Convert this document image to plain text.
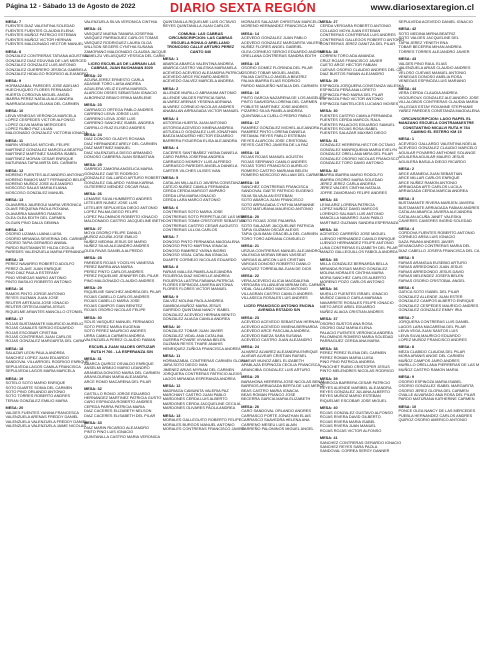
Página 12 - Sábado 13 de Agosto de 2022	DIARIO SEXTA REGIÓN	www.diariosextaregion.cl
MESA: 7
FUENTES DIAZ VALENTINA SOLEDAD
FUENTES FUENTES CLAUDIA ELENA
FUENTES MUÑOZ PATRICIO ESTEBAN
FUENTES MUÑOZ VICTOR HERNAN
FUENTES MALDONADO HECTOR MANUEL
MESA: 8
GONZALEZ CONTRERAS TATIANA AGUSTINA
GONZALEZ DIAZ EDUVINA DE LAS MERCED
GONZALEZ GONZALEZ LUIS ANTONIO
GONZALEZ GUERRERO JESSICA GABRIELA
GONZALEZ HIDALGO RODRIGO ALEJANDRO
MESA: 9
HORMAZABAL PAREDES JOSE ADELMO
HUECHUQUEO FLORES FERNANDO
HUERTA CORDOVA MIGUEL ANGEL
IBARRA PEREZ NATALIA ALEJANDRA
INARRAGA MARIA ELIANA DEL CARMEN
MESA: 10
LEIVA VENEGAS VERONICA MARCELA
LOPEZ CESPEDES VICTOR ALFONSO
LOPEZ OLIVA MARIA MERCEDES
LOPEZ RUBIO PAZ LILIAN
MALDONADO GONZALEZ VICTORIA IGNACIA
MESA: 11
MARIN VENEGAS MITCHEL FELIPE
MARTINEZ GONZALEZ MARCELA BEATRIZ
MARTINEZ MARTINEZ SANDRA ISABEL
MARTINEZ MORAN CESAR ENRIQUE
MATURANA TAPIA MIRTA DEL CARMEN
MESA: 12
MORENO FUENTES ALEJANDRO ANTONIO
MORENO RAMOS MATT FERNANDO BELEN
MORENO MUÑOZ JOSE ALEJANDRO
MOSCOSO SALAS MARIA ELIANA
MOSCOSO GONZALEZ MANUEL
MESA: 13
OLAVARRIA JAUREGUI MARIA VERONICA
OLAVE REQUENA PAOLA ROXANA
OLAVARRIA NAVARRO RAMON
OLEA OLEA EDITH DEL CARMEN
OLGUIN PINO DALIA GEMINA
MESA: 14
OSORIO LIZAMA LUANA LUISA
OSORIO MIRANDA SEVERINA DEL CARMEN
OSORIO TAPIA GERARDO ANIBAL
PARDO BUSTAMANTE HILDA CECILIA
PAREDES VALENZUELA MARIA FERNANDA
MESA: 15
PEREZ NAVARRO ROBERTO ADOLFO
PEREZ OLAVE JUAN ENRIQUE
PINO DIAZ PAULA ESTEFANY
PINO VENEGAS MARIO ANTONIO
PINTO BASILIO ROBERTO ANTONIO
MESA: 16
RAMOS PINTO JORGE ANTONIO
REYES GUZMAN JUAN JOSE
REUTER ARTEAGA JOSE IGNACIO
REUTER ORTEGA MARIA JESUS
RIQUELME ARANTES MANCILLO OTONIEL
MESA: 17
ROJAS BUSTAMANTE MAURICIO AURELIO
ROJAS CANALES SERGIO EDUARDO
ROJAS ESCOBAR CRISTINA
ROJAS CONTRERAS JUAN CARLOS
ROJAS GONZALEZ MARGARITA DEL CARM
MESA: 18
SALAZAR LEON PAULA ANDREA
SANCHEZ LOPEZ JUAN EDUARDO
SANDOVAL VILLARROEL RODRIGO ENRIQUE
SEPULVEDA LAGOS CAMILA FRANCISCA
SEPULVEDA LAGOS MARIA MARCELA
MESA: 19
SOTELO SOTO MARIO ENRIQUE
SOTO DUARTE SONIA DEL CARMEN
SOTO PINO ORLANDO ANTONIO
SOTO TORRES ROBERTO ANDRES
TERAN GONZALEZ EMILIO MARIA
MESA: 20
VALDES FUENTES YANINA FRANCESCA
VALENZUELA ARENAS FREDDY DANIEL
VALENZUELA VALENZUELA FREDDY DANIEL
VALENZUELA VALENZUELA JAIME NICOLAS
VALENZUELA SILVA VERONICA CINTHIA
MESA: 21
VASQUEZ MUENA TAMARA JOSEFINA
VASQUEZ PARRAGUEZ CARLOS TOMAS
VASQUEZ RODRIGUEZ LAURA OLGA
WILLSON SEGERS CYNTHIA SUSANA
ZAMORANO MALDONADO CLAUDIA JACQUE
ZUMELZU VELASQUEZ YESSICA DEL CARM
LICEO ESCUELAS DE LARRAIN LAS CABRAS, JUAN BUCHANAN 3020
MESA: 22
ACUÑA JEREZ ERNESTO CARLA
ADASME TORO LAISA ANDREA
AGUILERA VELIZ ELVIRA MARISOL
ALARCON OSSES SEBASTIAN IGNACIO
ALBORNOZ BRAVO ERIKA MARLENE
MESA: 23
CARRASCO ORTEGA PABLO ANDRES
CARRENO LEIVA JORGE LUIS
CARRENO LEIVA JOSE LUIS
CARRENO SANCHEZ ISABEL ANDREA
CARRILLO RUIZ ELISEO ANDRES
MESA: 24
DIAZ DONOSO GLADYS ROXANA
DIAZ HERNANDEZ ARELY DEL CARMEN
DIAZ MARTINEZ MANUEL
DIAZ VALENZUELA DIEGO ARMANDO
DONOSO CABRERA JUAN SEBASTIAN
MESA: 25
GARRIDO ZAMORA ANGELICA MARIA
GONZALEZ GAETE RODRIGO
GONZALEZ GALLARDO ARTURO ROBERTO
GONZALEZ GALARDO YASNA KARINA
GUTIERREZ MENDEZ OSCAR RAUL
MESA: 26
LEMARIE SILVA HUMBERTO ANDRES
LETELIER NUNEZ JOSE LUIS
LETELIER SEPULVEDA DIEGO ANTONIO
LOPEZ PALMA DIEGO FELIPE
LOPEZ PALOMINOS ROBERTO IGNACIO
MALDONADO CASTRO JACQUELINE IBETH
MESA: 27
MOYA OSORIO FELIPE DANILO
MUÑOZ ACUÑA JOSE EMILIO
NUÑEZ MEDINA JESUS DE MARIO
NUÑEZ SILVA ALEJANDRO ANDRES
OLEA RIVAS DANIELA ALFREDO
MESA: 28
PAREDES ROJAS YOCELYN VANESSA
PEREZ BARRA ANA MARIA
PEREZ PINTO CARLOS ANDRES
PEREZ RIQUELME JENNIFER DEL PILAR
PINO MALDONADO CLAUDIO ANDRES
MESA: 29
RIQUELME SANCHEZ ANDREA DEL PILAR
ROJAS CABELLO CARLOS ANDRES
ROJAS CABELLO MARIA JOSE
ROJAS CAMPOS GIAN BENITEZ
ROJAS OSORIO NICOLAS FELIPE
MESA: 30
SOLIS VASQUEZ MANUEL FERNANDO
SOTO PEREZ MARIA EUGENIA
SOTO PEREZ MAURICIO ANDRES
URRA CAMILA CARMEN ANDREA
VALENZUELA PEREZ CLAUDIO FABIAN
ESCUELA JUAN VALDES ORTUZAR RUTA H 766 - LA ESPERANZA S/N
MESA: 31
ABARCA QUIROZ OSVALDO ENRIQUE
ANSELMI ARMIJO MARIO LEANDRO
ARANEDA DONOSO MARIA DEL CARMEN
ARAYA DURAN MARIA ALEJANDRA
ARCE ROMO MACARENA DEL PILAR
MESA: 32
CASTILLO ROMO JORGE EDUARDO
HERNANDEZ MARTINEZ PATRICIA GUSTO
CARO ESPINOZA ROBERTO ANDRES
CEPEDA PARRA PATRICIA MARIA
DIAZ CACERES ELIZABETH NELSON
DIAZ CACERES ELISABETH DEL PILAR
MESA: 33
DIAZ MARIN RICARDO ALEJANDRO
PINTO PINO LUIS IGNACIO
QUINTANILLA CASTRO MARIA VERONICA
QUINTANILLA RIQUELME LUIS OCTAVIO
REYES QUINTANILLA JUAN CARLOS
COMUNA: LAS CABRAS CIRCUNSCRIPCION: LAS CABRAS ESCUELA RONULO ARELLANO TRONCOSO CALLE ARTURO PEREZ CANTO 840
MESA: 1
ABARCA ABARCA VALENTINA ANDREA
ABARCA CASTRO VALESKA MARIANELA
ACEVEDO ACEVEDO ALEJANDRA PATRICIA
ACEVEDO ARCE RICHARD ANDRES
ACEVEDO GALVEZ MARCELA ANDREA
MESA: 2
ALLENDE MURILLO ABRAHAM ANTONIO
ALLENDE VALDES PATRICIA SARA
ALVAREZ ARENAS YESENIA ADRIANA
ALVAREZ CORNEJO NICOLAS ANDRES
ANABALAN ARRIAGADA VICTOR MANUEL
MESA: 3
ASTORGA HUERTA JUAN ANTONIO
ASTORGA ACEVEDO XIMENA ANDREA
ASTUDILLO GONZALEZ LUIS JONATHAN
BAEZA MADUEÑO HECTOR EDUARDO
BARRERA FIGUEROA ELISA ALEJANDRA
MESA: 4
CACERES SANTIBAÑEZ YASNA DANIELA
CARO PARRA JOSEFINA ANDREA
CARRASCO MONROY LUIS ALFREDO
CARRASCO PAREDES ANGELA DANIELA
CARTER VILCHES ULISES IVAN
MESA: 5
CATALAN MILLALELO JAVIERA CONSTANZA
CATEJO NUÑEZ CAMILA FERNANDA
CERDA CERDA MARGOT AMPARO
CERDA LIRA MARIA IGNACIO
CERDA LARA MARCO ANTONIO
MESA: 6
CONTRERAS SOTO MARIA JOSE
CONTRERAS SOTO PERPETUA DE LAS MER
CONTRERAS TOMM CRISTOFER SEBASTIAN
CONTRERAS CASTRO CESAR AUGUSTO
CONTRERAS ULLOA CARLOS
MESA: 7
DONOSO PINTO FERNANDA MAGDALENA
DONOSO PINTO MARTINA IGNACIA
DONOSO RAMIREZ YASNA INGRID
DONOSO VIDAL CATALINA IGNACIA
DUARTE CORNEJO NICOLAS EDUARDO
MESA: 8
FARIAS MALLEA PAMELA ALEJANDRA
FIGUEROA DIAZ MICHELLE ANDREA
FIGUEROA LASTRA FABIANA PATRICIA
FLORES ESPINOZA JAVIERA ANTONIA
FLORES FLORES VICTOR MANUEL
MESA: 9
GALVEZ MOLINA PAOLA ANDREA
GAMBOA MUÑOZ MARIA JESUS
GARRIDO QUINTANA NANCY ISABEL
GONZALEZ ACEVEDO HERNAN BENITO
GONZALEZ ALIAGA CAMILA ANDREA
MESA: 10
GONZALEZ TOBAR JUAN JAVIER
GONZALEZ VIDAL ANA CATALINA
GUERRA POVARE VIVIANA BELEN
GUZMAN REYES THARE ANAHIS
HENRIQUEZ ZUÑIGA FRANCISCA ANDREA
MESA: 11
HORMAZABAL CONTRERAS CARMEN GLORIA
JARA SOTO DIEGO IVAN
JIMENEZ ARIAS MYRIAM DEL CARMEN
JORQUERA CONTRERAS PATRICIO ALEXIS
LAGOS MIRANDA ESPERANZA ANDREA
MESA: 12
MADRIAGA CAMUNITA VALERIA PAZ
MARCHANT CASTRO JUAN PABLO
MARDONES CERDA LUIS ALBERTO
MARDONES CERDA JACQUELINE CECILIA
MARDONES OLIVARES PAOLA ANDREA
MESA: 13
MORALES GALLEGUITO ROBERTO FELIPE
MORALES BURGOS MANUEL ANTONIO
MORALES CONTRERAS FRANCISCO JAVIER
MORALES SALAZAR CHRISTIAN MARCELO
MORENO HERNANDEZ FRANCISCA PAZ
MESA: 14
ACEVEDO GONZALEZ JUAN PABLO
ACEVEDO GONZALEZ MARGARITA VALERIA
NUÑEZ FLORES ANGEL GABRIEL
OLEA CORNEJO SERGIO EDUARDO ANDRES
ORELLANA CONTRERAS SANDRA EDITH
MESA: 15
OSORIO GOMEZ FLORINDA DEL PILAR
OSORIO TOBAR MIGUEL ANGEL
PALMA CASTILLO ANGELA BEATRIZ
PALMA IBARRA ELIAS RODRIGO
PARDO MADUEÑO NATALIA DEL CARMEN
MESA: 16
PINTO GARCIA NAZARENA DE LOS ANGELES
PINTO SAAVEDRA LORENA DEL CARMEN
POBLETE MARTINEZ JOSE ANDRES
PIZARRO SILVA PAMELA ANDREA
QUINTANILLA CUELLO PEDRO PABLO
MESA: 17
RAMIREZ GONZALEZ MICHEL ALEJANDRA
RAMIREZ PINTO LORENA DANIELA
RETAMAL REYES PABLO ESTEBAN
REYES ALARCON JOSE CRISTOBAL
REYES CASTRO JAVIERA DE LA PAZ
MESA: 18
ROJAS ROJAS MANUEL AGUSTIN
ROJAS SERRANO CAMILO ANDRES
ROJAS TORO FRANCISCO AURELIO
ROMERO CASTRO MARIANA BELEN
ROMERO MOSCOSO WILLIAM DEL CARMEN
MESA: 19
SANCHEZ CONTRERAS FRANCISCA
SANDOVAL GAETE PATRICIO EUGENIO
SILVA SILVA ALAN ESTEBAN
SOTO ABARCA JUAN FRANCISCO
SOTO ARRIAGADA CYNTHIA MARIANNE
SOTO MATURANA MAURICIO ANTONIO
MESA: 20
SOTO ROJAS JOSE PALMIRIA
SOTO SALAZAR JACQUELINE PATRICIA
TAPIA GUZMAN OSCAR ALEXIS
TAPIA QUILIMAN GRACIELA DEL CARMEN
TORO TORO ADRIANA CONSUELO
MESA: 21
URZUA CONTRERAS MANUEL ALEJANDRO
VALENCIA MORAN BRIAN VASSEAT
VARGAS ALARCON LUIS CRISTIAN
VARGAS DONOSO ROBERTO DANILO
VASQUEZ TORREALBA JUAN DE DIOS
MESA: 22
VERA ACEVEDO ALICIA MAGDALENA
VERGARA VILLANUEVA MIRIAM DEL CARMEN
VIDAL GALLARDO MARCO ANTONIO
VILLAGRAN CASTRO CAMILO ANDRES
VILLASECA ROSALES LUIS ANDRES
LICEO FRANCISCO ANTONIO ENCINA AVENIDA ESTADIO S/N
MESA: 23
ACEVEDO ACEVEDO SEBASTIAN HERNAN
ACEVEDO ACEVEDO XIMENA BERNARDA
ACEVEDO ARCE PASCUALA ANDREA
ACEVEDO BAEZA SARA SUSANA
ACEVEDO CASTRO JUAN ALEJANDRO
MESA: 24
ALVAREZ ALVAREZ ALEJANDRA ENRIQUE
ALVEAR ALVEAR CRISTIAN RAFAEL
ALVEAR MUNOZ ABEL ELIZABETH
APABLAZA ESPINOZA CECILIA FRANCISCA
ARANCIBIA GONZALEZ LUIS ARTURO
MESA: 25
BARAHONA HERRERA JOSE NICOLAS BENJA
BARRIOS ARRIAGADA BERTA DE LAS MERCE
BEAS CASTRO MARIA IGNACIA
BEAS ROMAN FRANCO JOSE
BECERRA GARCIA MARIA ELIZABETH
MESA: 26
CARO SANDOVAL ORLANDO ANDRES
CARRASCO PORTE JONATHAN ELIAS
CARRASCO SAAVEDRA HELENA ANA
CARRENO MESEU LUIS ALAIN
CARREÑO PALOMINOS MIGUEL ANGEL
MESA: 27
CERDA VERGARA ROBERTO ANTONIO
COLLADO MOYA JUAN ESTEBAN
CONTRERAS CONTRERAS LUIS ANDRES
CONTRERAS GALLEGOS ROBERTO ANTONIO
CONTRERAS JEREZ DANITZA DEL PILAR
MESA: 28
CORREN TORO ADA AMANDA
CRUZ ROJAS FRANCISCO JAVIER
CUETO ARCE HECTOR FABIAN
CUEVAS OSORIO CLAUDIO ANDRES DEL CA
DIAZ BUSTOS FABIAN ALEJANDRO
MESA: 29
ESPINOZA JORQUERA CONSTANZA VALESKA
ESPINOZA PEÑA ANA LORETO
ESPINOZA PINO MARIA DEL PILAR
ESPINOZA PINO VICTOR ANTONIO
ESPINOZA SANTELICES LUCIANO MOISES
MESA: 30
FUENTES CASTRO CAMILA FERNANDA
FUENTES CERDA MARCOL RAUL
FUENTES PALACIOS EDUARDO SAMUEL
FUENTES ROJAS ROSA ISABEL
FUENTES SALAZAR MAXIMO DIEGO
MESA: 31
GONZALEZ HERRERA HECTOR OCTAVIO
GONZALEZ MANRIQUEMA MARIA EVELYN
GONZALEZ ORELLANA MIRA DEL PILAR
GONZALEZ OSORIO NICOLAS FRANCISCO
GONZALEZ TORO DAVID ANTONIO
MESA: 32
IBARRA IBARRA MARIO RODOLFO
IBARRA OSORIO MARIA SOLEDAD
JEREZ JEREZ CARLA ANDREA
JEREZ VALDES CINTHIA NATALIA
JOFRE ZAMORANO FELIPE ANDRES
MESA: 33
LEIVA ARIZ LORENA PATRICIA
LOPEZ MUÑOZ DAVID MARCOS
LORENZO SALINAS LUIS ANTONIO
MANCILLA NAVARRO JUAN PABLO
MARTINEZ GUZMAN SANDRA ESPERANZA
MESA: 34
ACEVEDO CARREÑO JOSE MIGUEL
LUENGO HERNANDEZ CAMILO ENRIQUE
LUENGO HERNANDEZ FELIPE ANTONIO
LUNA CONTRERAS ELIZABETH DEL PILAR
MANZO GALLEGUILLOS FABIOLA ANDREA
MESA: 35
MILLA GONZALEZ BERNARDA BELLA
MIRANDA ROSAS MARIO GONZALEZ
MOLINA MORALES CINTHIA MARIA
MORA SANCHEZ CARLOS ALBERTO
MORENO POZO CARLOS ANTONIO
MESA: 36
MURILLO FUENTES ISRAEL IGNACIO
MUÑOZ CAMILO CARLA MARIANA
NAVARRETE ROSALES FELIPE IGNACIO
NIETO ARCE ARIEL EDUARDO
NUÑEZ ALIAGA CRISTIAN ANDRES
MESA: 37
OSORIO BUSTOS ANA ROSA
OSORIO DIAZ MARIA ELENA
PALACIO FUENTES VERONICA ANDREA
PALOMINOS ROMERO MARIA SOLEDAD
PARRAGUEZ CERDA ANA MARIA
MESA: 38
PEREZ PEREZ ELENA DEL CARMEN
PEREZ ROMAN MARIA LUISA
PINO PINO PATRICIA ANDREA
PINOCHET RUBIO CRISTOPER JESUS
PINTO MELENDRES NICOLAS RODRIGO
MESA: 39
QUIROGA BARRERA CESAR PATRICIO
REYES ALIENDE MARIBEL ALEJANDRA
REYES GONZALEZ JULIANA ALBERTO
REYES MUÑOZ MARIO ESTEBAN
RIQUELME ESCOBAR JOSE MIGUEL
MESA: 40
ROJAS GONZALEZ GUSTAVO ALFONSO
ROJAS RIVERA DAVID GILBERTO
ROJAS RIVERA MARIA ISABEL
ROJAS RIVERA JUAN MANUEL
ROJAS ROJAS VICTOR ALFONSO
MESA: 41
SANCHEZ CONTRERAS GERARDO IGNACIO
SANCHEZ REYES SARA PAOLA
SANDOVAL CORREA SERGY DANNER
SEPULVEDA ACEVEDO DANIEL IGNACIO
MESA: 42
SOTO MEDINA MIRNA BEATRIZ
SOTO VALDES JACQUELINE DEL
TAPIA JEREZ YENETH ENA
TOBAR BECERRA MIHAN ANDREA
TORRES TORRES ALEJANDRO JAVIER
MESA: 43
VALDES PINO RAUL ELIAS
VALENZUELA ARIAS CLAUDIO ANDRES
VELOSO CUEVAS MANUEL ANTONIO
VENEGAS DONOSO AMELIA ROSA
VENEGAS ESPINOZA LUIS MARIANO
MESA: 44
VERA CERDA CLAUDIA ANDREA
VIGOUROUX GONZALEZ ALEJANDRO JOSE
VILLALOBOS CONTRERAS CLAUDIA MARIA
VILLEGAS ESTAY ROXANNE STEPHANIE
YAÑEZ PAREDES CONSTANZA MAGDALENA
CIRCUNSCRIPCION: LAGO RAPEL EL MANZANO ESCUELA CONTRAMAESTRE CONSTANTINO MICALVI RUTA H 784 CAMINO EL ESTERO KM 15
MESA: 1
ACEVEDO GALLARDO VALENTINA NOELIA
ACEVEDO GONZALEZ CLAUDIO MARCELO
AGUILAR POVARRO ANTHONIE SOLANGE
AGUILERA AGUILAR MAURO JESUS
AGUILERA BASULA DIEGO RICARDO
MESA: 2
ARCE ARANEDA JUAN SEBASTIAN
ARCE MILLAR CARLOS ENRIQUE
ARCE NUÑEZ RAMON ANTONIO
ARRIAGADA ARTI CARLOS LUCILA
ARRIAGADA CERDA MARCIA ANDREA
MESA: 3
BUSTAMANTE RIVERA MARIJEN JAVIERA
BUSTAMANTE ARRIAGADA FABIAN ANDRES
CATALAN ABARCA JAVIERA ALEJANDRA
CATALAN ACUÑA JANET VALESKA
CAVIERES CAVIERES INGRID SOLEDAD
MESA: 4
CORDOVA FUENTES ROBERTO ANTONIO
CORNEJO AREA LUIS IGNACIO
DAZA PAVANI ANDRES JAVIER
DEVANCIARO CONTRERAS MARIA DEL
DIAZ CABELLO JOSEFA FRANCISCA DEL CA
MESA: 5
FARIAS ARANGUA EUSEBIO ARTURO
FARIAS ARREDONDO JUAN JESUS
FARIAS ARREDONDO JESUS DAVID
FARIAS MELENDEZ JOSEFA BELEN
FARIAS OSORIO CRISTOBAL ANGEL
MESA: 6
GATICA SOTO ISABEL DEL PILAR
GONZALEZ ALLENDE JUAN ESTER
GONZALEZ CAMPOS ALBERTO ENRIQUE
GONZALEZ CESPEDES MAURICIO ANDRES
GONZALEZ GONZALEZ EMMY IRIA
MESA: 7
JORQUERA CONTRERAS LUIS DANIEL
LAGOS LARA MACARENA DEL PILAR
LEIVA VEGA JUAN SANTOS LUIS
LEIVA SILVA MAURICIO EDUARDO
LOPEZ MUÑOZ FRANCISCO ANDRES
MESA: 8
MEZA CLABIDO CLAUDIA DEL PILAR
MORA ARANIS ANGIE DEL CARMEN
MUÑOZ CAMPOS JAIRO ANDRES
MURILLO ORELLANA PIERRERAS DE LAS M
MUÑOZ CASTRO RAMON MARIA
MESA: 9
OSORIO ESPINOZA MARIA ISABEL
OSORIO GONZALEZ ISABEL MARGARITA
OSORIO JEREZ GLORIA DEL CARMEN
OVALLE ALVARADO ANA ROSA DEL PILAR
PARDO MATURANA KATHERINE CARMEN
MESA: 10
PONCE OLEA NANCY DE LAS MERCEDES
PUEBLA HERNANDEZ CARLOS ANDRES
QUIROZ OSORIO AMERICO ANTONIO
